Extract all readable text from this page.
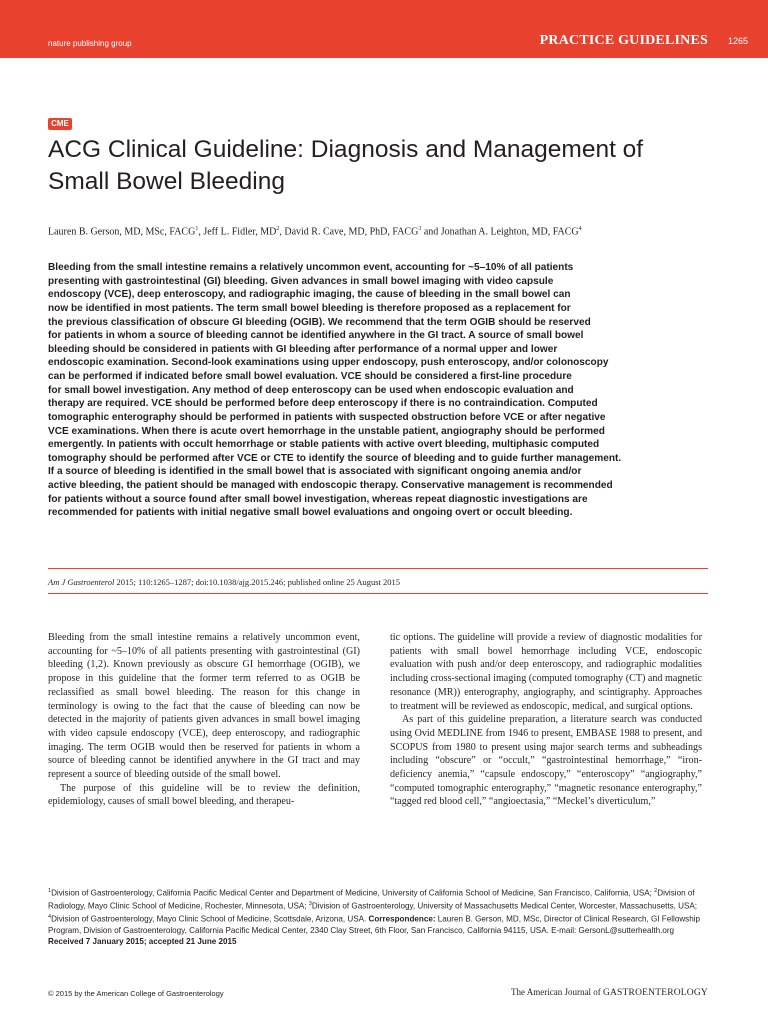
nature publishing group	PRACTICE GUIDELINES 1265
CME
ACG Clinical Guideline: Diagnosis and Management of
Small Bowel Bleeding
Lauren B. Gerson, MD, MSc, FACG$^1$, Jeff L. Fidler, $MD^2$, David R. Cave, MD, PhD, FACG$^3$ and Jonathan A. Leighton, MD, FACG$^4$
Bleeding from the small intestine remains a relatively uncommon event, accounting for ~5–10% of all patients
presenting with gastrointestinal (GI) bleeding. Given advances in small bowel imaging with video capsule
endoscopy (VCE), deep enteroscopy, and radiographic imaging, the cause of bleeding in the small bowel can
now be identified in most patients. The term small bowel bleeding is therefore proposed as a replacement for
the previous classification of obscure GI bleeding (OGIB). We recommend that the term OGIB should be reserved
for patients in whom a source of bleeding cannot be identified anywhere in the GI tract. A source of small bowel
bleeding should be considered in patients with GI bleeding after performance of a normal upper and lower
endoscopic examination. Second-look examinations using upper endoscopy, push enteroscopy, and/or colonoscopy
can be performed if indicated before small bowel evaluation. VCE should be considered a first-line procedure
for small bowel investigation. Any method of deep enteroscopy can be used when endoscopic evaluation and
therapy are required. VCE should be performed before deep enteroscopy if there is no contraindication. Computed
tomographic enterography should be performed in patients with suspected obstruction before VCE or after negative
VCE examinations. When there is acute overt hemorrhage in the unstable patient, angiography should be performed
emergently. In patients with occult hemorrhage or stable patients with active overt bleeding, multiphasic computed
tomography should be performed after VCE or CTE to identify the source of bleeding and to guide further management.
If a source of bleeding is identified in the small bowel that is associated with significant ongoing anemia and/or
active bleeding, the patient should be managed with endoscopic therapy. Conservative management is recommended
for patients without a source found after small bowel investigation, whereas repeat diagnostic investigations are
recommended for patients with initial negative small bowel evaluations and ongoing overt or occult bleeding.
Am J Gastroenterol 2015; 110:1265–1287; doi:10.1038/ajg.2015.246; published online 25 August 2015

Bleeding from the small intestine remains a relatively uncommon event, accounting for ~5–10% of all patients presenting with gastrointestinal (GI) bleeding (1,2). Known previously as obscure GI hemorrhage (OGIB), we propose in this guideline that the former term referred to as OGIB be reclassified as small bowel bleeding. The reason for this change in terminology is owing to the fact that the cause of bleeding can now be detected in the majority of patients given advances in small bowel imaging with video capsule endoscopy (VCE), deep enteroscopy, and radiographic imaging. The term OGIB would then be reserved for patients in whom a source of bleeding cannot be identified anywhere in the GI tract and may represent a source of bleeding outside of the small bowel.

The purpose of this guideline will be to review the definition, epidemiology, causes of small bowel bleeding, and therapeu-

tic options. The guideline will provide a review of diagnostic modalities for patients with small bowel hemorrhage including VCE, endoscopic evaluation with push and/or deep enteroscopy, and radiographic modalities including cross-sectional imaging (computed tomography (CT) and magnetic resonance (MR)) enterography, angiography, and scintigraphy. Approaches to treatment will be reviewed as endoscopic, medical, and surgical options.

As part of this guideline preparation, a literature search was conducted using Ovid MEDLINE from 1946 to present, EMBASE 1988 to present, and SCOPUS from 1980 to present using major search terms and subheadings including “obscure” or “occult,” “gastrointestinal hemorrhage,” “iron-deficiency anemia,” “capsule endoscopy,” “enteroscopy” “angiography,” “computed tomographic enterography,” “magnetic resonance enterography,” “tagged red blood cell,” “angioectasia,” “Meckel’s diverticulum,”

$^1$Division of Gastroenterology, California Pacific Medical Center and Department of Medicine, University of California School of Medicine, San Francisco, California, USA; $^2$Division of Radiology, Mayo Clinic School of Medicine, Rochester, Minnesota, USA; $^3$Division of Gastroenterology, University of Massachusetts Medical Center, Worcester, Massachusetts, USA; $^4$Division of Gastroenterology, Mayo Clinic School of Medicine, Scottsdale, Arizona, USA. Correspondence: Lauren B. Gerson, MD, MSc, Director of Clinical Research, GI Fellowship Program, Division of Gastroenterology, California Pacific Medical Center, 2340 Clay Street, 6th Floor, San Francisco, California 94115, USA. E-mail: GersonL@sutterhealth.org
Received 7 January 2015; accepted 21 June 2015
© 2015 by the American College of Gastroenterology	The American Journal of GASTROENTEROLOGY
